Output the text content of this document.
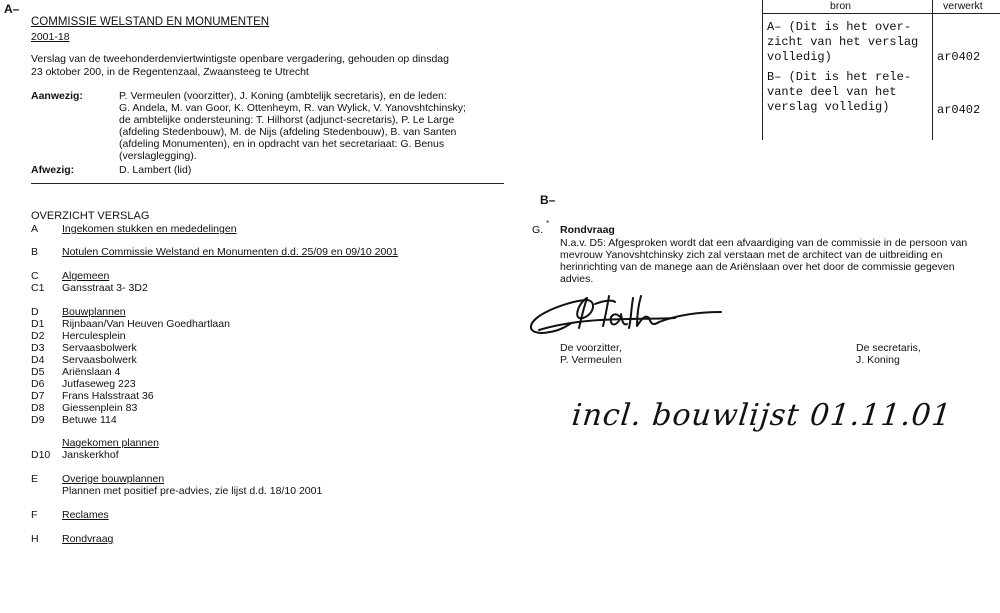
A–
B–
COMMISSIE WELSTAND EN MONUMENTEN
2001-18
Verslag van de tweehonderdenviertwintigste openbare vergadering, gehouden op dinsdag
23 oktober 200, in de Regentenzaal, Zwaansteeg te Utrecht
Aanwezig:	P. Vermeulen (voorzitter), J. Koning (ambtelijk secretaris), en de leden:
G. Andela, M. van Goor, K. Ottenheym, R. van Wylick, V. Yanovshtchinsky;
de ambtelijke ondersteuning: T. Hilhorst (adjunct-secretaris), P. Le Large
(afdeling Stedenbouw), M. de Nijs (afdeling Stedenbouw), B. van Santen
(afdeling Monumenten), en in opdracht van het secretariaat: G. Benus
(verslaglegging).
Afwezig:	D. Lambert (lid)
OVERZICHT VERSLAG
A Ingekomen stukken en mededelingen
B Notulen Commissie Welstand en Monumenten d.d. 25/09 en 09/10 2001
C Algemeen
C1 Gansstraat 3- 3D2
D Bouwplannen
D1 Rijnbaan/Van Heuven Goedhartlaan
D2 Herculesplein
D3 Servaasbolwerk
D4 Servaasbolwerk
D5 Ariënslaan 4
D6 Jutfaseweg 223
D7 Frans Halsstraat 36
D8 Giessenplein 83
D9 Betuwe 114
Nagekomen plannen
D10 Janskerkhof
E Overige bouwplannen
Plannen met positief pre-advies, zie lijst d.d. 18/10 2001
F Reclames
H Rondvraag
bron	verwerkt
A– (Dit is het over-
zicht van het verslag
volledig)	ar0402
B– (Dit is het rele-
vante deel van het
verslag volledig)	ar0402
G.
*
Rondvraag
N.a.v. D5: Afgesproken wordt dat een afvaardiging van de commissie in de persoon van
mevrouw Yanovshtchinsky zich zal verstaan met de architect van de uitbreiding en
herinrichting van de manege aan de Ariënslaan over het door de commissie gegeven
advies.
De voorzitter,
P. Vermeulen
De secretaris,
J. Koning
incl. bouwlijst 01.11.01
